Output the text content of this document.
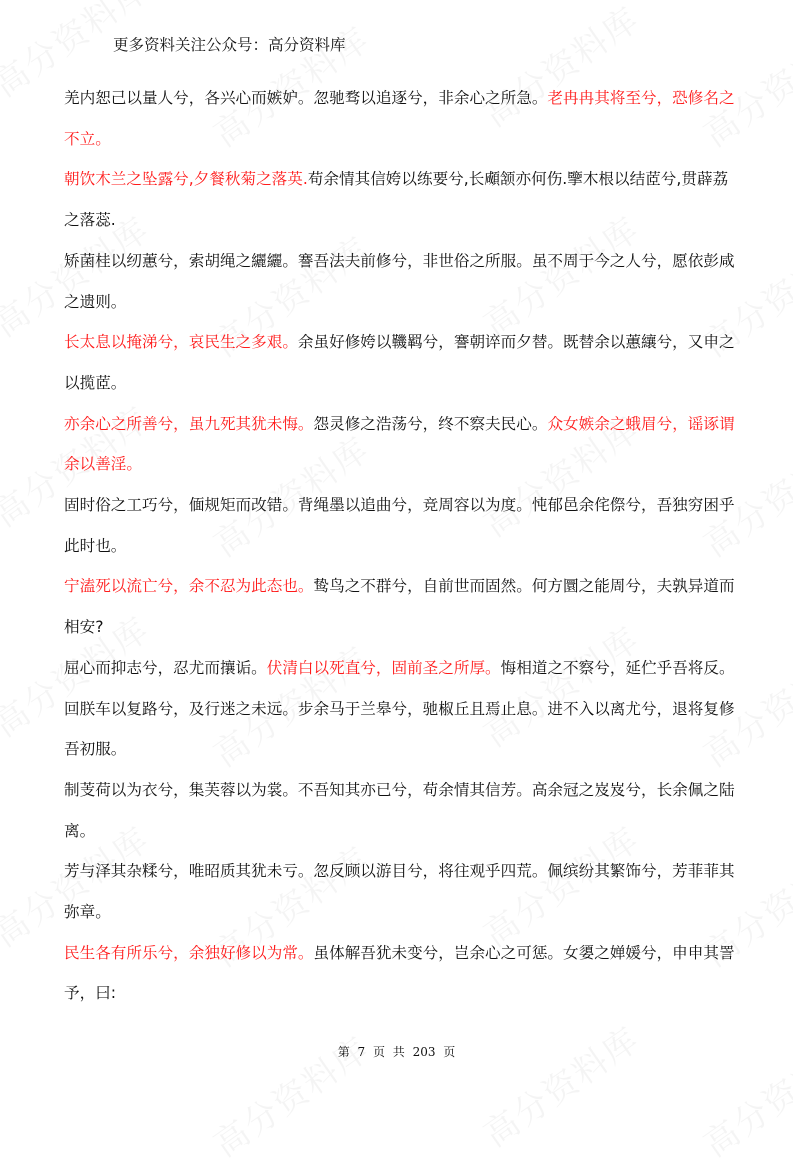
更多资料关注公众号：高分资料库

羌内恕己以量人兮，各兴心而嫉妒。忽驰骛以追逐兮，非余心之所急。老冉冉其将至兮，恐修名之不立。

朝饮木兰之坠露兮,夕餐秋菊之落英.苟余情其信姱以练要兮,长顑颔亦何伤.擥木根以结茝兮,贯薜荔之落蕊.

矫菌桂以纫蕙兮，索胡绳之纚纚。謇吾法夫前修兮，非世俗之所服。虽不周于今之人兮，愿依彭咸之遗则。

长太息以掩涕兮，哀民生之多艰。余虽好修姱以鞿羁兮，謇朝谇而夕替。既替余以蕙纕兮，又申之以揽茝。

亦余心之所善兮，虽九死其犹未悔。怨灵修之浩荡兮，终不察夫民心。众女嫉余之蛾眉兮，谣诼谓余以善淫。

固时俗之工巧兮，偭规矩而改错。背绳墨以追曲兮，竞周容以为度。忳郁邑余侘傺兮，吾独穷困乎此时也。

宁溘死以流亡兮，余不忍为此态也。鸷鸟之不群兮，自前世而固然。何方圜之能周兮，夫孰异道而相安?

屈心而抑志兮，忍尤而攘诟。伏清白以死直兮，固前圣之所厚。悔相道之不察兮，延伫乎吾将反。

回朕车以复路兮，及行迷之未远。步余马于兰皋兮，驰椒丘且焉止息。进不入以离尤兮，退将复修吾初服。

制芰荷以为衣兮，集芙蓉以为裳。不吾知其亦已兮，苟余情其信芳。高余冠之岌岌兮，长余佩之陆离。

芳与泽其杂糅兮，唯昭质其犹未亏。忽反顾以游目兮，将往观乎四荒。佩缤纷其繁饰兮，芳菲菲其弥章。

民生各有所乐兮，余独好修以为常。虽体解吾犹未变兮，岂余心之可惩。女嬃之婵媛兮，申申其詈予，曰:

第 7 页 共 203 页
